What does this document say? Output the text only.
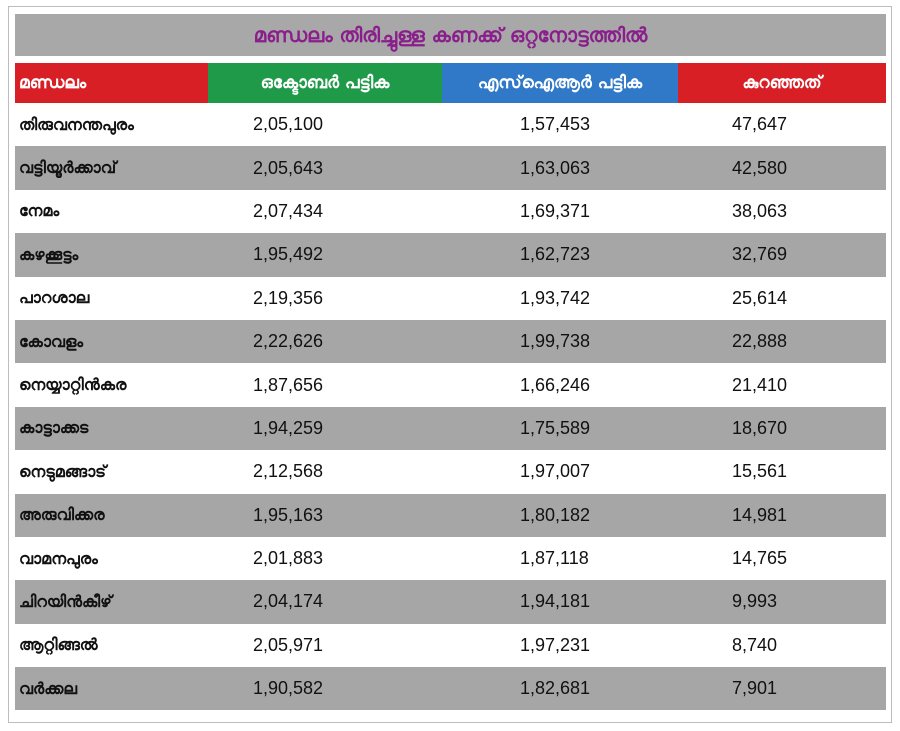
മണ്ഡലം തിരിച്ചുള്ള കണക്ക് ഒറ്റനോട്ടത്തിൽ
മണ്ഡലം	ഒക്ടോബർ പട്ടിക	എസ്ഐആർ പട്ടിക	കുറഞ്ഞത്
തിരുവനന്തപുരം	2,05,100	1,57,453	47,647
വട്ടിയൂർക്കാവ്	2,05,643	1,63,063	42,580
നേമം	2,07,434	1,69,371	38,063
കഴക്കൂട്ടം	1,95,492	1,62,723	32,769
പാറശാല	2,19,356	1,93,742	25,614
കോവളം	2,22,626	1,99,738	22,888
നെയ്യാറ്റിൻകര	1,87,656	1,66,246	21,410
കാട്ടാക്കട	1,94,259	1,75,589	18,670
നെടുമങ്ങാട്	2,12,568	1,97,007	15,561
അരുവിക്കര	1,95,163	1,80,182	14,981
വാമനപുരം	2,01,883	1,87,118	14,765
ചിറയിൻകീഴ്	2,04,174	1,94,181	9,993
ആറ്റിങ്ങൽ	2,05,971	1,97,231	8,740
വർക്കല	1,90,582	1,82,681	7,901
